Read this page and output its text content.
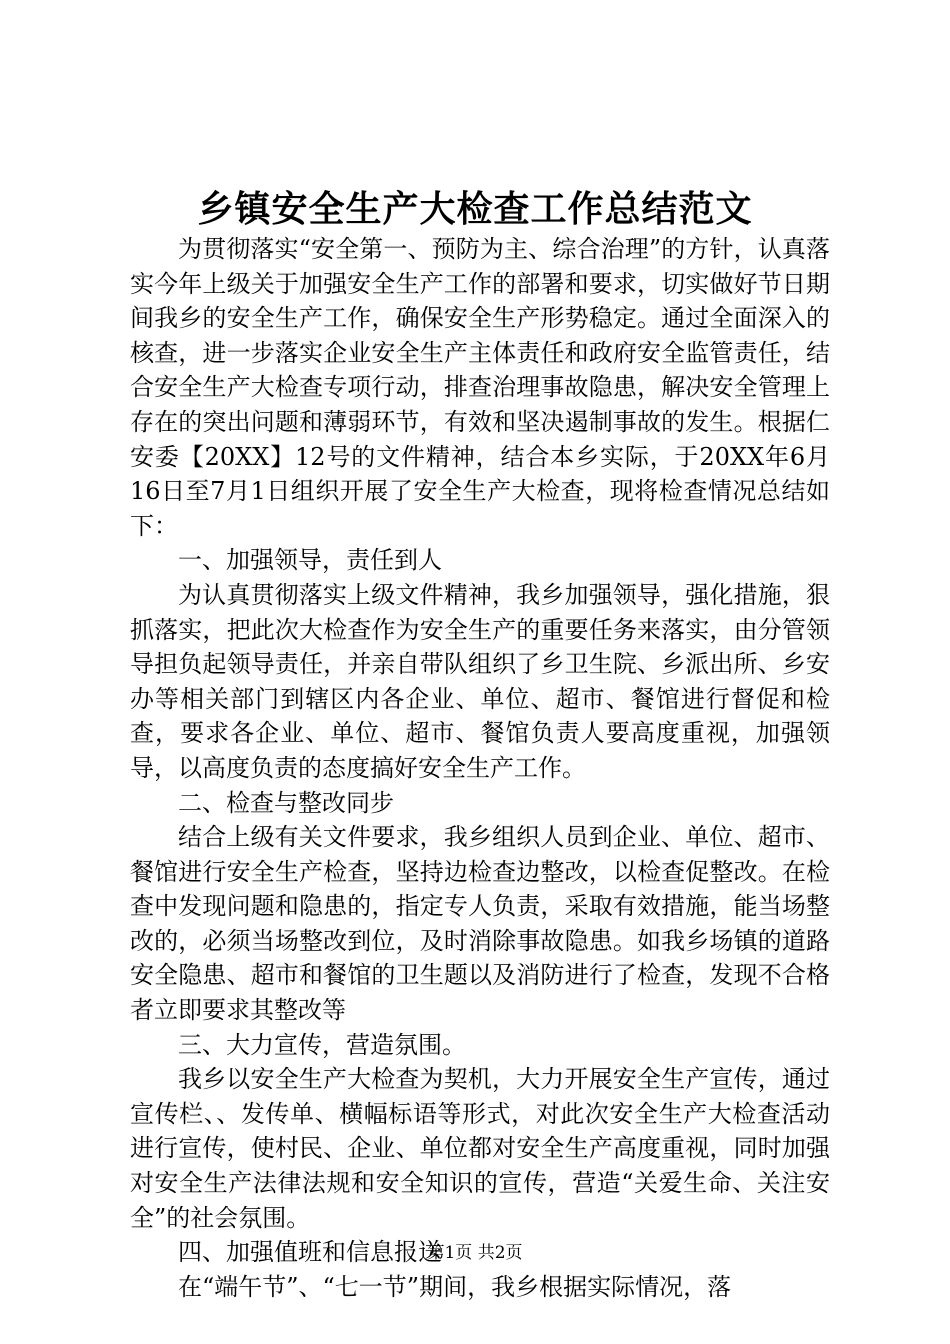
乡镇安全生产大检查工作总结范文

为贯彻落实“安全第一、预防为主、综合治理”的方针，认真落实今年上级关于加强安全生产工作的部署和要求，切实做好节日期间我乡的安全生产工作，确保安全生产形势稳定。通过全面深入的核查，进一步落实企业安全生产主体责任和政府安全监管责任，结合安全生产大检查专项行动，排查治理事故隐患，解决安全管理上存在的突出问题和薄弱环节，有效和坚决遏制事故的发生。根据仁安委【20XX】12号的文件精神，结合本乡实际，于20XX年6月16日至7月1日组织开展了安全生产大检查，现将检查情况总结如下：

一、加强领导，责任到人

为认真贯彻落实上级文件精神，我乡加强领导，强化措施，狠抓落实，把此次大检查作为安全生产的重要任务来落实，由分管领导担负起领导责任，并亲自带队组织了乡卫生院、乡派出所、乡安办等相关部门到辖区内各企业、单位、超市、餐馆进行督促和检查，要求各企业、单位、超市、餐馆负责人要高度重视，加强领导，以高度负责的态度搞好安全生产工作。

二、检查与整改同步

结合上级有关文件要求，我乡组织人员到企业、单位、超市、餐馆进行安全生产检查，坚持边检查边整改，以检查促整改。在检查中发现问题和隐患的，指定专人负责，采取有效措施，能当场整改的，必须当场整改到位，及时消除事故隐患。如我乡场镇的道路安全隐患、超市和餐馆的卫生题以及消防进行了检查，发现不合格者立即要求其整改等

三、大力宣传，营造氛围。

我乡以安全生产大检查为契机，大力开展安全生产宣传，通过宣传栏、、发传单、横幅标语等形式，对此次安全生产大检查活动进行宣传，使村民、企业、单位都对安全生产高度重视，同时加强对安全生产法律法规和安全知识的宣传，营造“关爱生命、关注安全”的社会氛围。

四、加强值班和信息报送

在“端午节”、“七一节”期间，我乡根据实际情况，落

第1页 共2页
